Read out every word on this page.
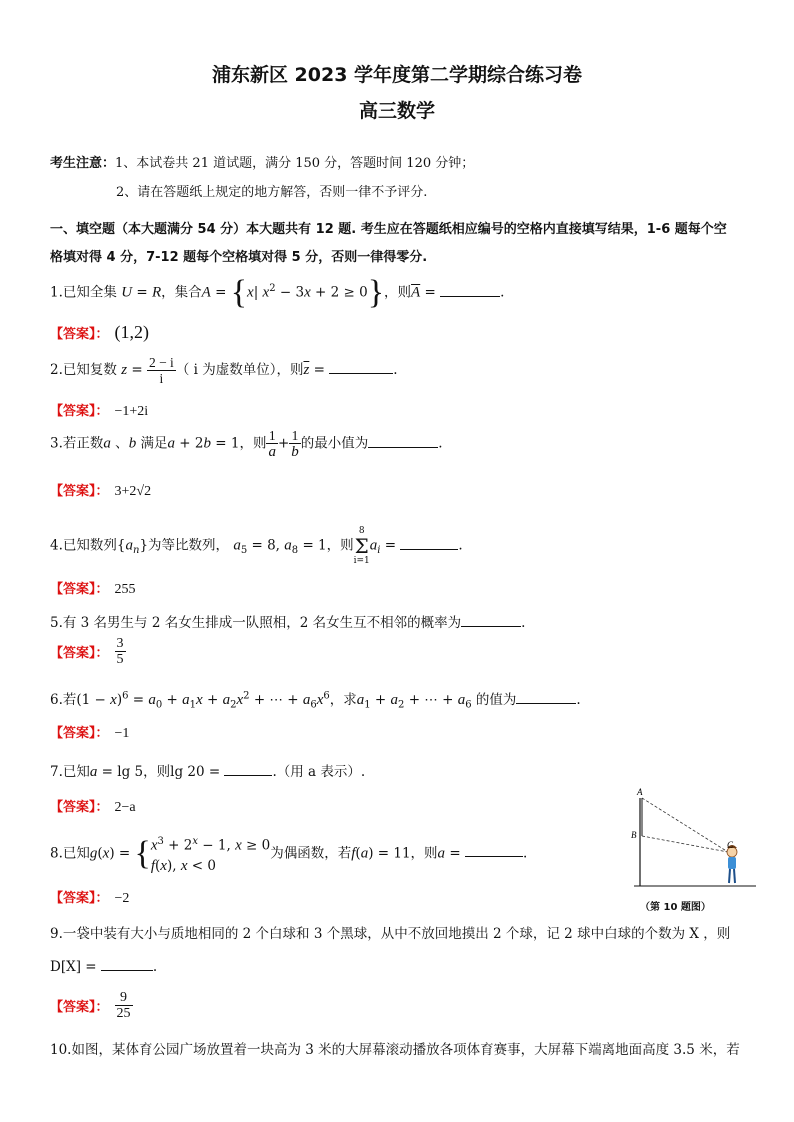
浦东新区 2023 学年度第二学期综合练习卷
高三数学
考生注意：1、本试卷共 21 道试题，满分 150 分，答题时间 120 分钟；
2、请在答题纸上规定的地方解答，否则一律不予评分.
一、填空题（本大题满分 54 分）本大题共有 12 题. 考生应在答题纸相应编号的空格内直接填写结果，1-6 题每个空
格填对得 4 分，7-12 题每个空格填对得 5 分，否则一律得零分.
1.已知全集 U = R，集合A = {x| $x^2 - 3x + 2 \ge 0$}，则$\overline{A}$ =	.
【答案】： (1,2)
2.已知复数 $z = \frac{2 - i}{i}$ （ i 为虚数单位），则$\overline{z}$ =	.
【答案】： −1+2i
3.若正数a 、b 满足a + 2b = 1，则 $\frac{1}{a} + \frac{1}{b}$ 的最小值为	.
【答案】： 3+2√2
4.已知数列$\{a_n\}$为等比数列， $a_5 = 8$, $a_8 = 1$，则8
Σ
$i=1a_i$ =	.
【答案】： 255
5.有 3 名男生与 2 名女生排成一队照相，2 名女生互不相邻的概率为	.
【答案】： $\frac{3}{5}$
6.若$(1 - x)^6 = a_0 + a_1x + a_2x^2$ + ⋯ + $a_6x^6$，求$a_1 + a_2$ + ⋯ + $a_6$ 的值为	.
【答案】： −1
7.已知a = lg 5，则lg 20 =	.（用 a 表示）.
【答案】： 2−a
8.已知$g(x) = \{x^3 + 2^x - 1$, x ≥ 0
f(x), x < 0为偶函数，若f(a) = 11，则a =	.
【答案】： −2
A
B
C
（第 10 题图）
9.一袋中装有大小与质地相同的 2 个白球和 3 个黑球，从中不放回地摸出 2 个球，记 2 球中白球的个数为 X ，则
D[X] =	.
【答案】： $\frac{9}{25}$
10.如图，某体育公园广场放置着一块高为 3 米的大屏幕滚动播放各项体育赛事，大屏幕下端离地面高度 3.5 米，若
